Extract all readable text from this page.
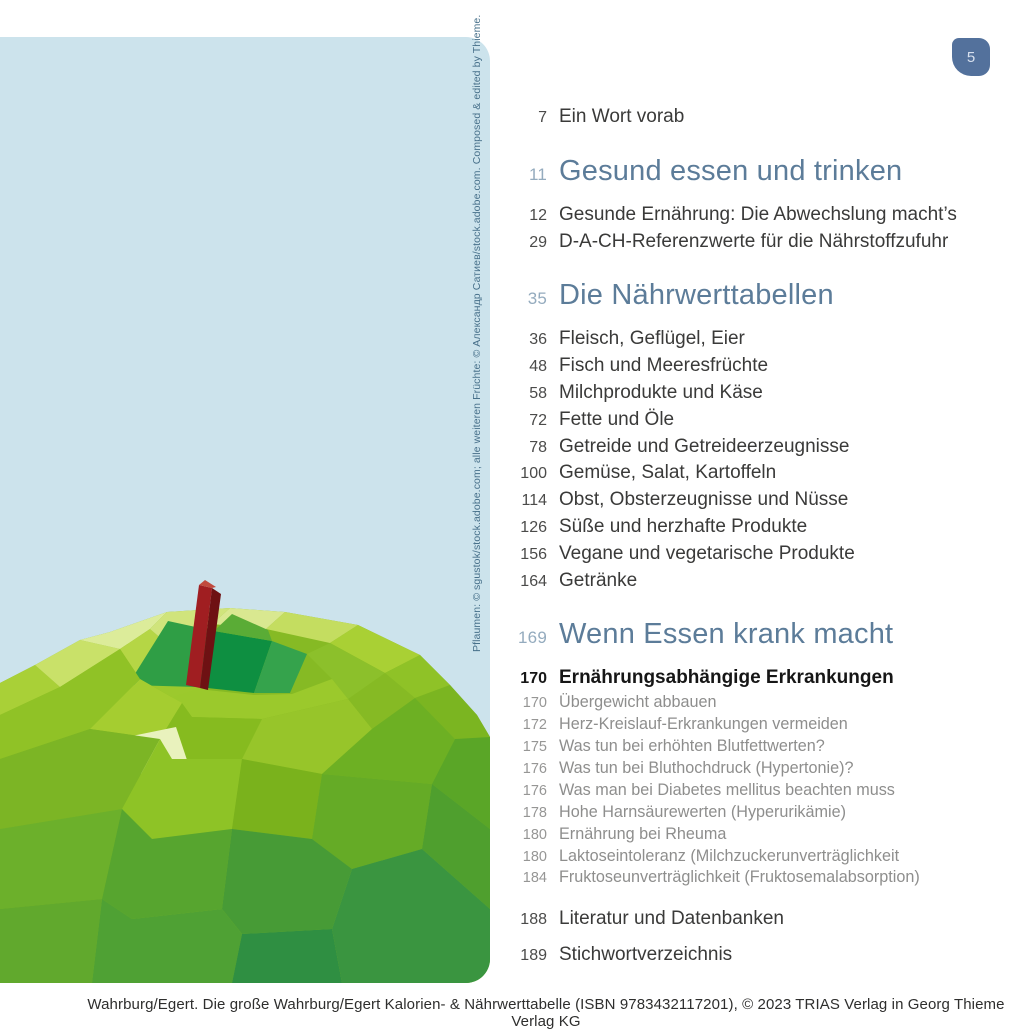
Pflaumen: © sgustok/stock.adobe.com; alle weiteren Früchte: © Александр Сатиев/stock.adobe.com. Composed & edited by Thieme.	5
7 Ein Wort vorab
11 Gesund essen und trinken
12 Gesunde Ernährung: Die Abwechslung macht’s
29 D-A-CH-Referenzwerte für die Nährstoffzufuhr
35 Die Nährwerttabellen
36 Fleisch, Geflügel, Eier
48 Fisch und Meeresfrüchte
58 Milchprodukte und Käse
72 Fette und Öle
78 Getreide und Getreideerzeugnisse
100 Gemüse, Salat, Kartoffeln
114 Obst, Obsterzeugnisse und Nüsse
126 Süße und herzhafte Produkte
156 Vegane und vegetarische Produkte
164 Getränke
169 Wenn Essen krank macht
170 Ernährungsabhängige Erkrankungen
170 Übergewicht abbauen
172 Herz-Kreislauf-Erkrankungen vermeiden
175 Was tun bei erhöhten Blutfettwerten?
176 Was tun bei Bluthochdruck (Hypertonie)?
176 Was man bei Diabetes mellitus beachten muss
178 Hohe Harnsäurewerten (Hyperurikämie)
180 Ernährung bei Rheuma
180 Laktoseintoleranz (Milchzuckerunverträglichkeit
184 Fruktoseunverträglichkeit (Fruktosemalabsorption)
188 Literatur und Datenbanken
189 Stichwortverzeichnis
Wahrburg/Egert. Die große Wahrburg/Egert Kalorien- & Nährwerttabelle (ISBN 9783432117201), © 2023 TRIAS Verlag in Georg Thieme Verlag KG
